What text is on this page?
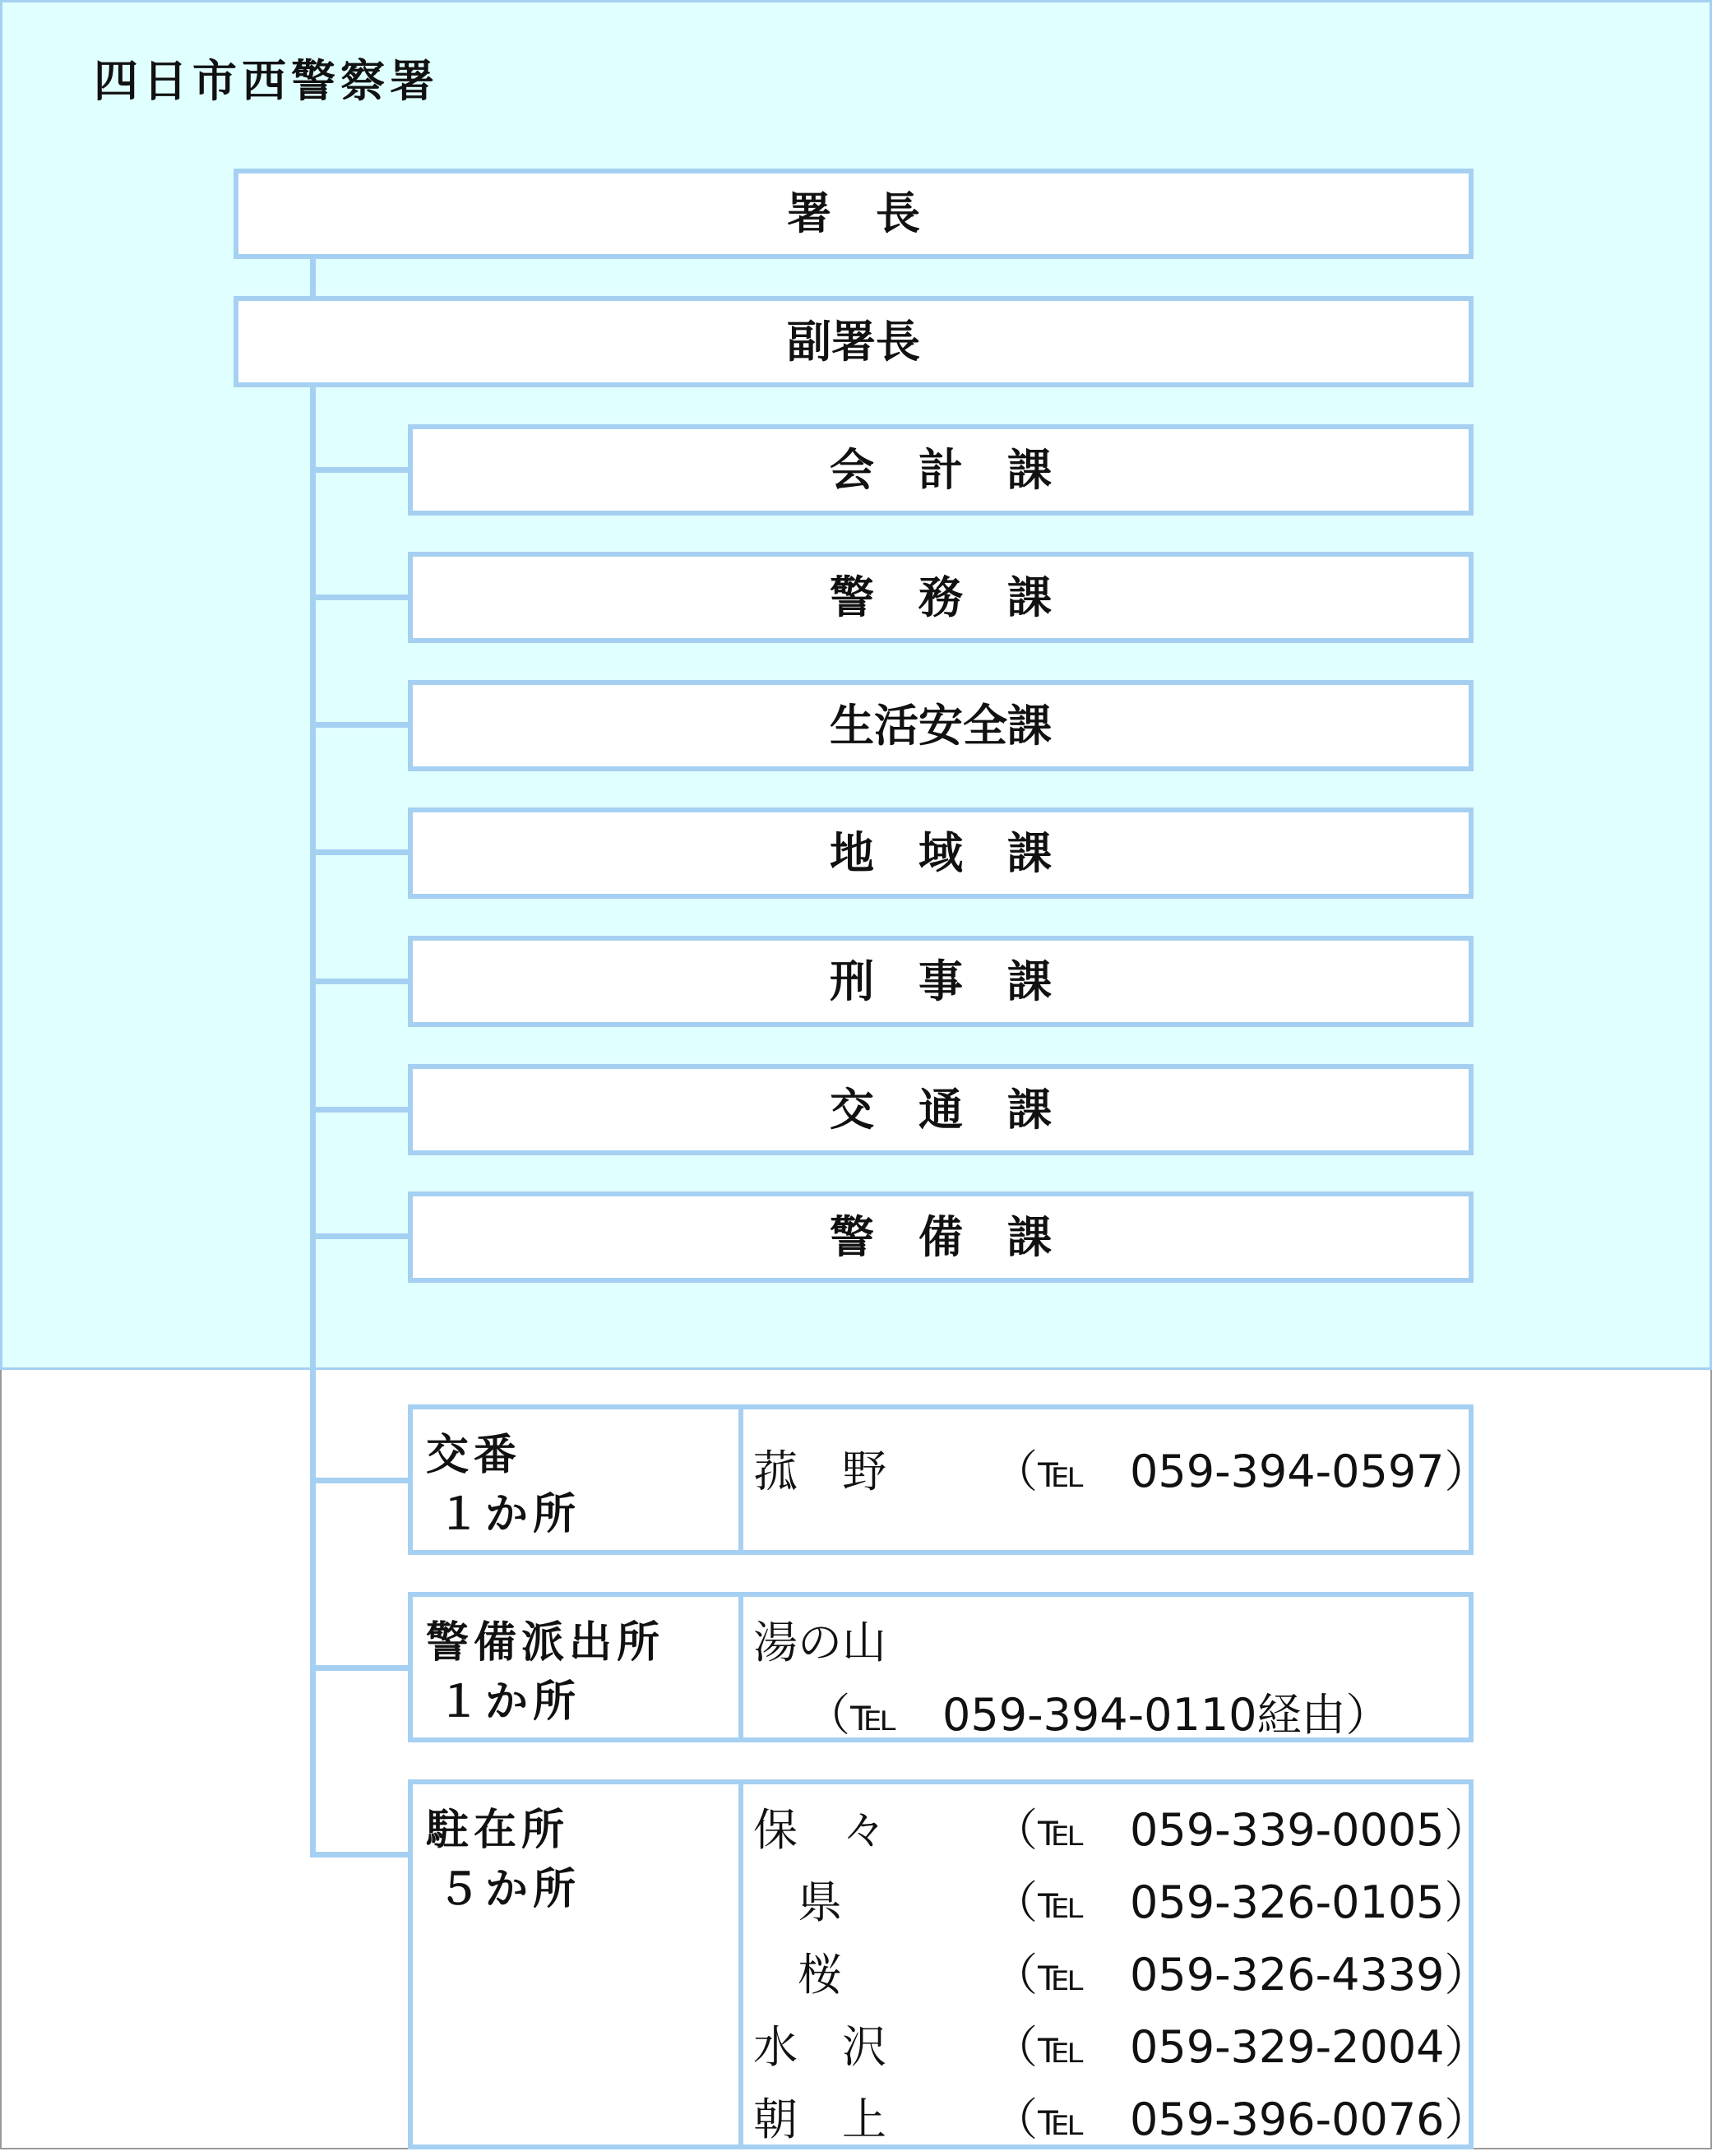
四日市西警察署
署　長
副署長
会　計　課
警　務　課
生活安全課
地　域　課
刑　事　課
交　通　課
警　備　課
交番
１か所
菰　野 （℡　059-394-0597）
警備派出所
１か所
湯の山
（℡　059-394-0110経由）
駐在所
５か所
保　々 （℡　059-339-0005）
　県	（℡　059-326-0105）
　桜	（℡　059-326-4339）
水　沢 （℡　059-329-2004）
朝　上 （℡　059-396-0076）
